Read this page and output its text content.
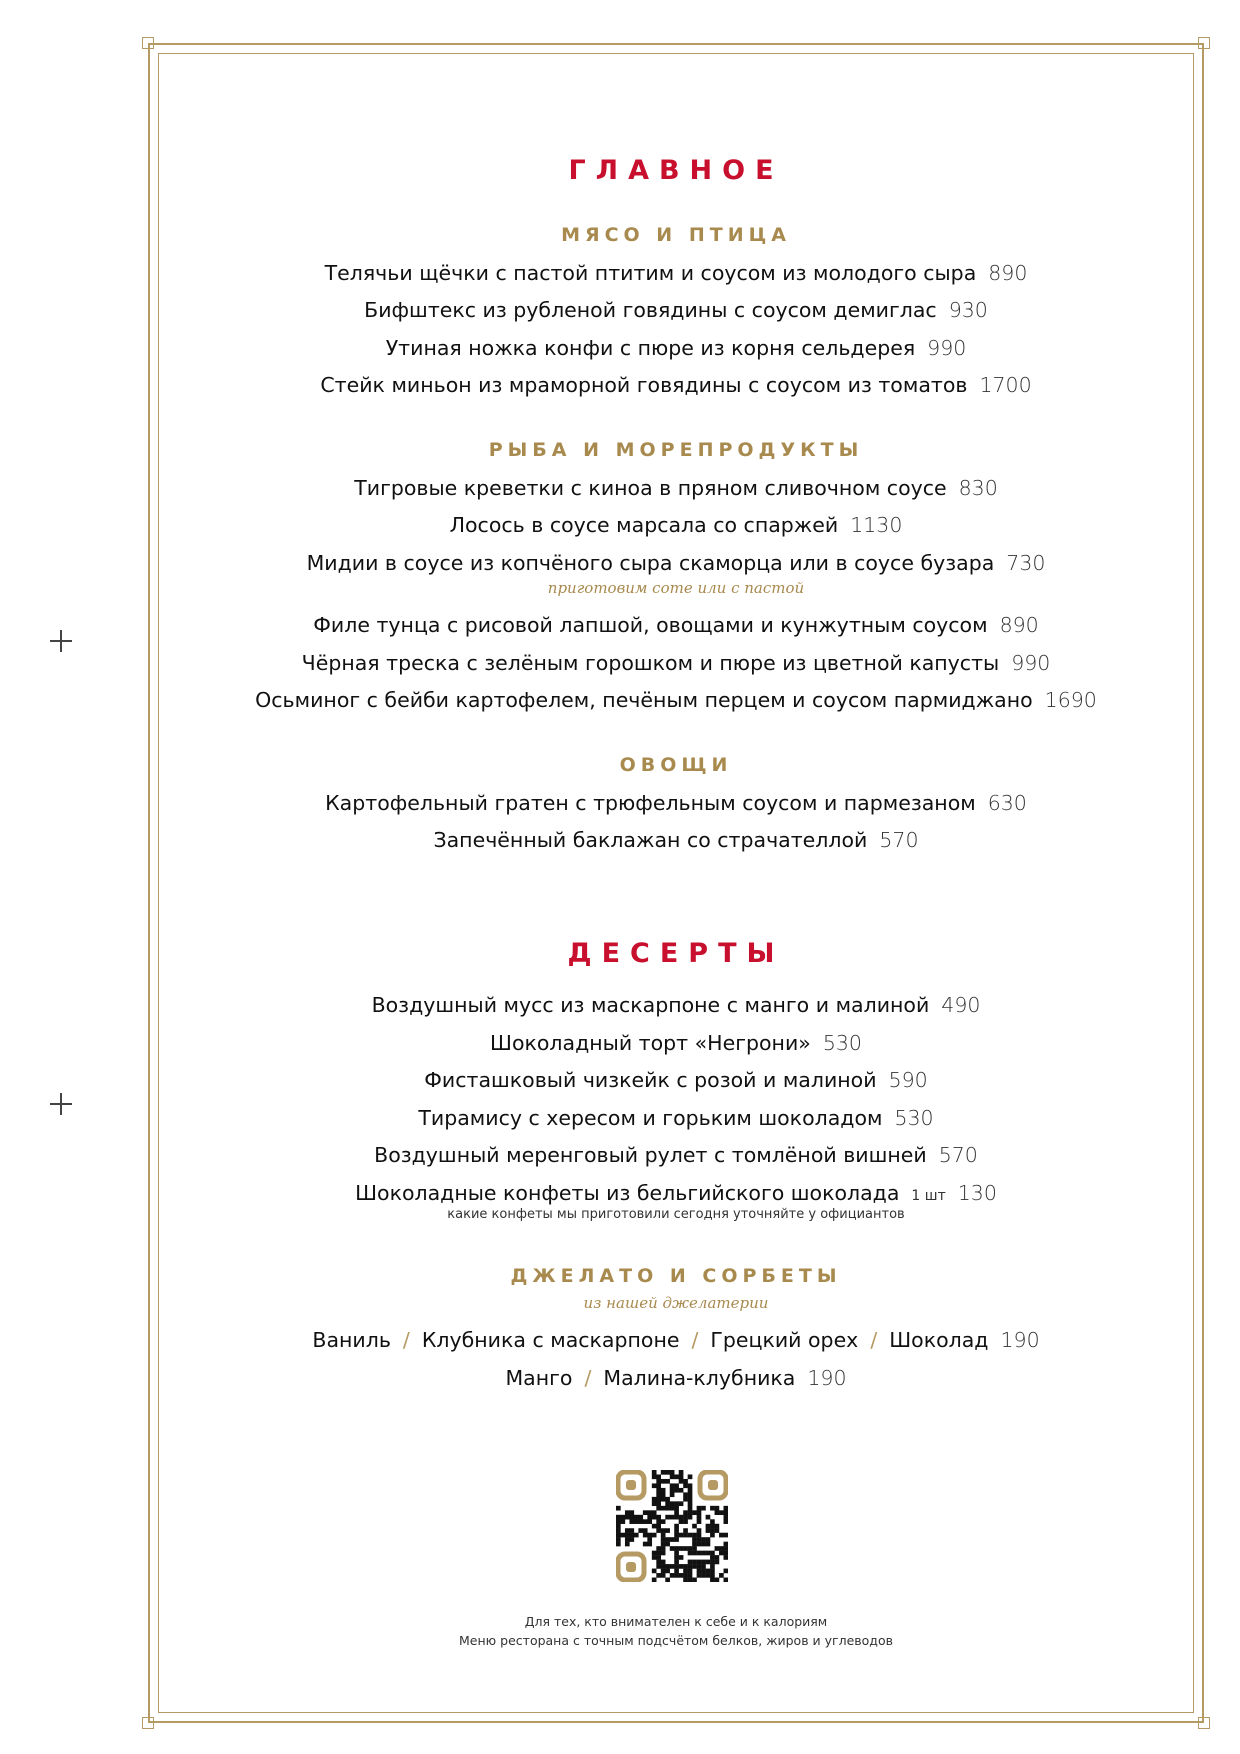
ГЛАВНОЕ
МЯСО И ПТИЦА
Телячьи щёчки с пастой птитим и соусом из молодого сыра 890
Бифштекс из рубленой говядины с соусом демиглас 930
Утиная ножка конфи с пюре из корня сельдерея 990
Стейк миньон из мраморной говядины с соусом из томатов 1700
РЫБА И МОРЕПРОДУКТЫ
Тигровые креветки с киноа в пряном сливочном соусе 830
Лосось в соусе марсала со спаржей 1130
Мидии в соусе из копчёного сыра скаморца или в соусе бузара 730
приготовим соте или с пастой
Филе тунца с рисовой лапшой, овощами и кунжутным соусом 890
Чёрная треска с зелёным горошком и пюре из цветной капусты 990
Осьминог с бейби картофелем, печёным перцем и соусом пармиджано 1690
ОВОЩИ
Картофельный гратен с трюфельным соусом и пармезаном 630
Запечённый баклажан со страчателлой 570
ДЕСЕРТЫ
Воздушный мусс из маскарпоне с манго и малиной 490
Шоколадный торт «Негрони» 530
Фисташковый чизкейк с розой и малиной 590
Тирамису с хересом и горьким шоколадом 530
Воздушный меренговый рулет с томлёной вишней 570
Шоколадные конфеты из бельгийского шоколада 1 шт 130
какие конфеты мы приготовили сегодня уточняйте у официантов
ДЖЕЛАТО И СОРБЕТЫ
из нашей джелатерии
Ваниль / Клубника с маскарпоне / Грецкий орех / Шоколад 190
Манго / Малина-клубника 190
Для тех, кто внимателен к себе и к калориям
Меню ресторана с точным подсчётом белков, жиров и углеводов
